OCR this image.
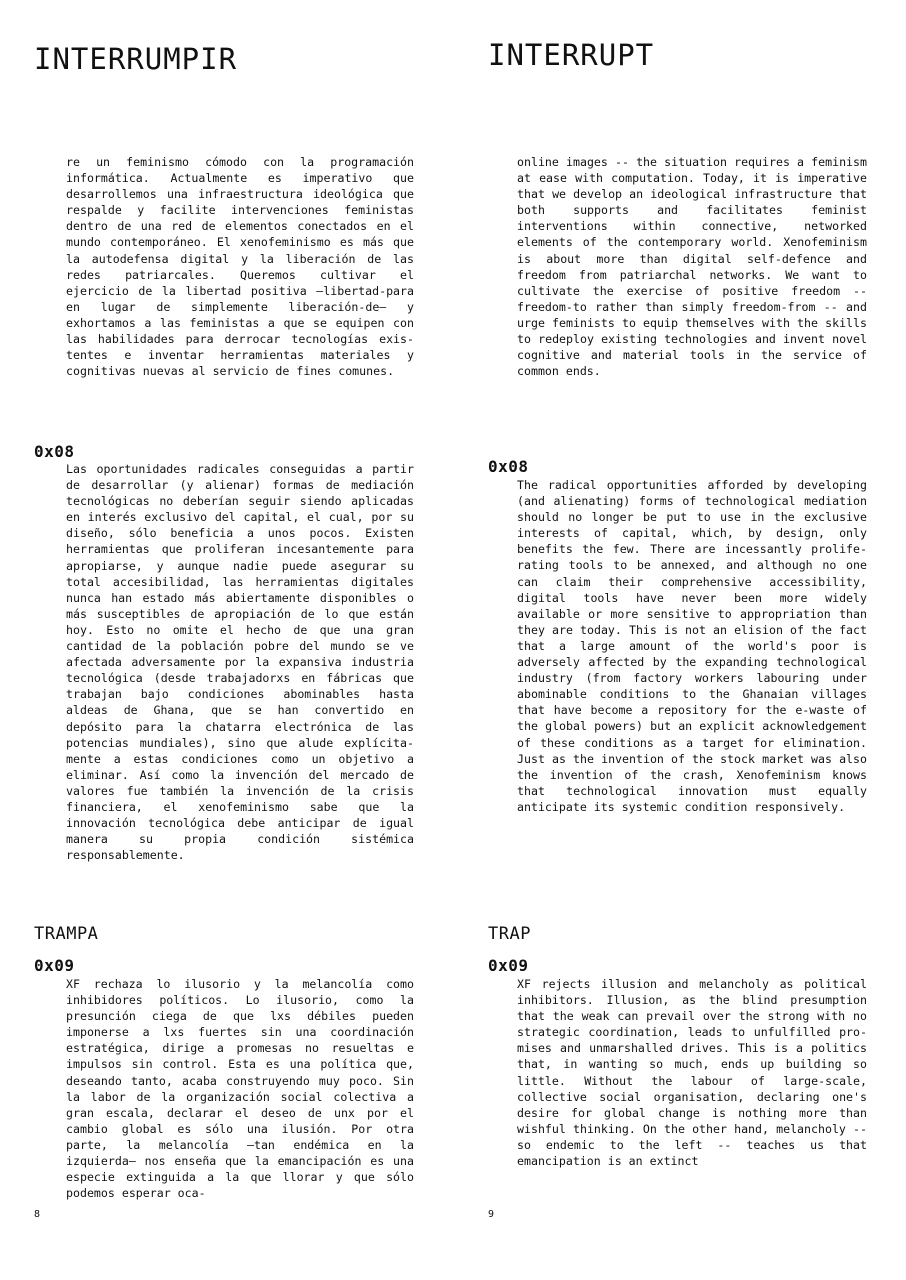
INTERRUMPIR

re un feminismo cómodo con la programación informática. Actualmente es imperativo que desarrollemos una infraestructura ideológica que respalde y facilite intervenciones feministas dentro de una red de elementos conectados en el mundo contemporáneo. El xenofeminismo es más que la autodefensa digital y la liberación de las redes patriarcales. Queremos cultivar el ejercicio de la libertad positiva —libertad-para en lugar de simplemente liberación-de— y exhortamos a las feministas a que se equipen con las habilidades para derrocar tecnologías existentes e inventar herramientas materiales y cognitivas nuevas al servicio de fines comunes.

0x08

Las oportunidades radicales conseguidas a partir de desarrollar (y alienar) formas de mediación tecnológicas no deberían seguir siendo aplicadas en interés exclusivo del capital, el cual, por su diseño, sólo beneficia a unos pocos. Existen herramientas que proliferan incesantemente para apropiarse, y aunque nadie puede asegurar su total accesibilidad, las herramientas digitales nunca han estado más abiertamente disponibles o más susceptibles de apropiación de lo que están hoy. Esto no omite el hecho de que una gran cantidad de la población pobre del mundo se ve afectada adversamente por la expansiva industria tecnológica (desde trabajadorxs en fábricas que trabajan bajo condiciones abominables hasta aldeas de Ghana, que se han convertido en depósito para la chatarra electrónica de las potencias mundiales), sino que alude explícitamente a estas condiciones como un objetivo a eliminar. Así como la invención del mercado de valores fue también la invención de la crisis financiera, el xenofeminismo sabe que la innovación tecnológica debe anticipar de igual manera su propia condición sistémica responsablemente.

TRAMPA
0x09

XF rechaza lo ilusorio y la melancolía como inhibidores políticos. Lo ilusorio, como la presunción ciega de que lxs débiles pueden imponerse a lxs fuertes sin una coordinación estratégica, dirige a promesas no resueltas e impulsos sin control. Esta es una política que, deseando tanto, acaba construyendo muy poco. Sin la labor de la organización social colectiva a gran escala, declarar el deseo de unx por el cambio global es sólo una ilusión. Por otra parte, la melancolía —tan endémica en la izquierda— nos enseña que la emancipación es una especie extinguida a la que llorar y que sólo podemos esperar oca-

8
INTERRUPT

online images -- the situation requires a feminism at ease with computation. Today, it is imperative that we develop an ideological infrastructure that both supports and facilitates feminist interventions within connective, networked elements of the contemporary world. Xenofeminism is about more than digital self-defence and freedom from patriarchal networks. We want to cultivate the exercise of positive freedom -- freedom-to rather than simply freedom-from -- and urge feminists to equip themselves with the skills to redeploy existing technologies and invent novel cognitive and material tools in the service of common ends.

0x08

The radical opportunities afforded by developing (and alienating) forms of technological mediation should no longer be put to use in the exclusive interests of capital, which, by design, only benefits the few. There are incessantly proliferating tools to be annexed, and although no one can claim their comprehensive accessibility, digital tools have never been more widely available or more sensitive to appropriation than they are today. This is not an elision of the fact that a large amount of the world's poor is adversely affected by the expanding technological industry (from factory workers labouring under abominable conditions to the Ghanaian villages that have become a repository for the e-waste of the global powers) but an explicit acknowledgement of these conditions as a target for elimination. Just as the invention of the stock market was also the invention of the crash, Xenofeminism knows that technological innovation must equally anticipate its systemic condition responsively.

TRAP
0x09

XF rejects illusion and melancholy as political inhibitors. Illusion, as the blind presumption that the weak can prevail over the strong with no strategic coordination, leads to unfulfilled promises and unmarshalled drives. This is a politics that, in wanting so much, ends up building so little. Without the labour of large-scale, collective social organisation, declaring one's desire for global change is nothing more than wishful thinking. On the other hand, melancholy -- so endemic to the left -- teaches us that emancipation is an extinct

9
